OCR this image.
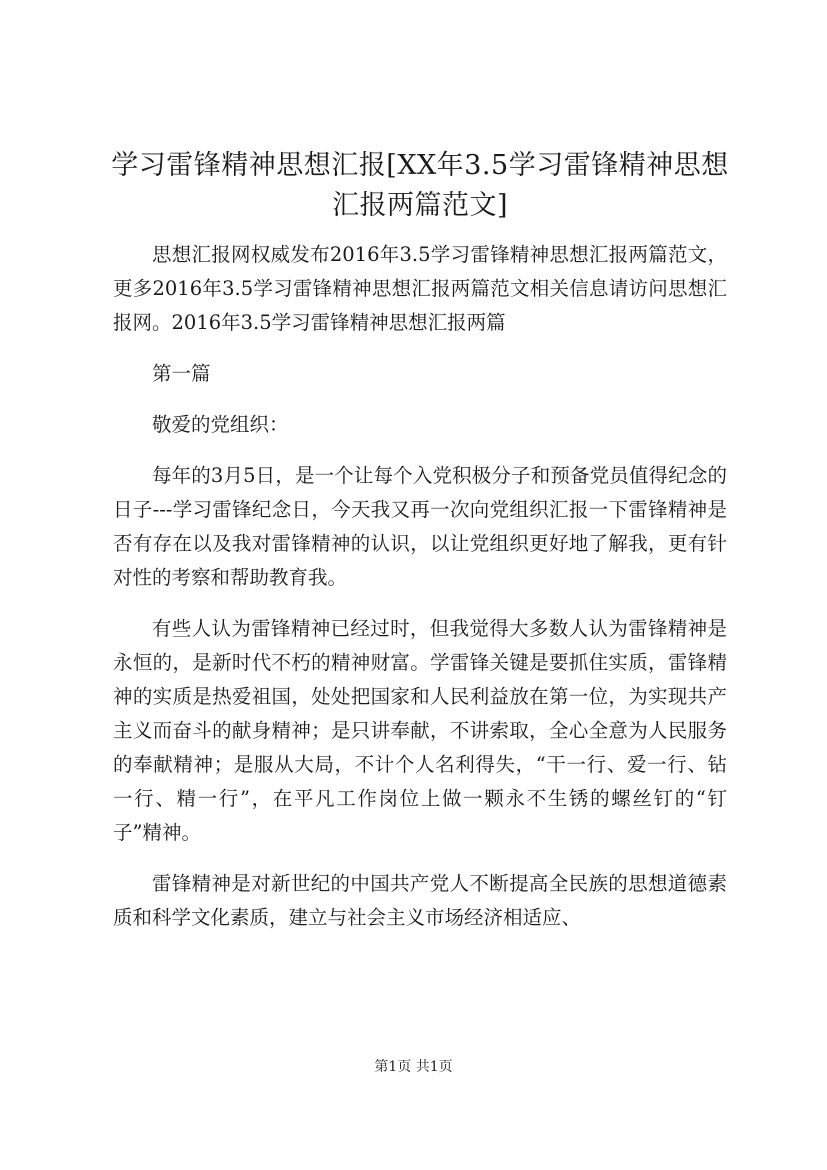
学习雷锋精神思想汇报[XX年3.5学习雷锋精神思想汇报两篇范文]

思想汇报网权威发布2016年3.5学习雷锋精神思想汇报两篇范文，更多2016年3.5学习雷锋精神思想汇报两篇范文相关信息请访问思想汇报网。2016年3.5学习雷锋精神思想汇报两篇

第一篇

敬爱的党组织：

每年的3月5日，是一个让每个入党积极分子和预备党员值得纪念的日子---学习雷锋纪念日，今天我又再一次向党组织汇报一下雷锋精神是否有存在以及我对雷锋精神的认识，以让党组织更好地了解我，更有针对性的考察和帮助教育我。

有些人认为雷锋精神已经过时，但我觉得大多数人认为雷锋精神是永恒的，是新时代不朽的精神财富。学雷锋关键是要抓住实质，雷锋精神的实质是热爱祖国，处处把国家和人民利益放在第一位，为实现共产主义而奋斗的献身精神；是只讲奉献，不讲索取，全心全意为人民服务的奉献精神；是服从大局，不计个人名利得失，“干一行、爱一行、钻一行、精一行”，在平凡工作岗位上做一颗永不生锈的螺丝钉的“钉子”精神。

雷锋精神是对新世纪的中国共产党人不断提高全民族的思想道德素质和科学文化素质，建立与社会主义市场经济相适应、

第1页 共1页
